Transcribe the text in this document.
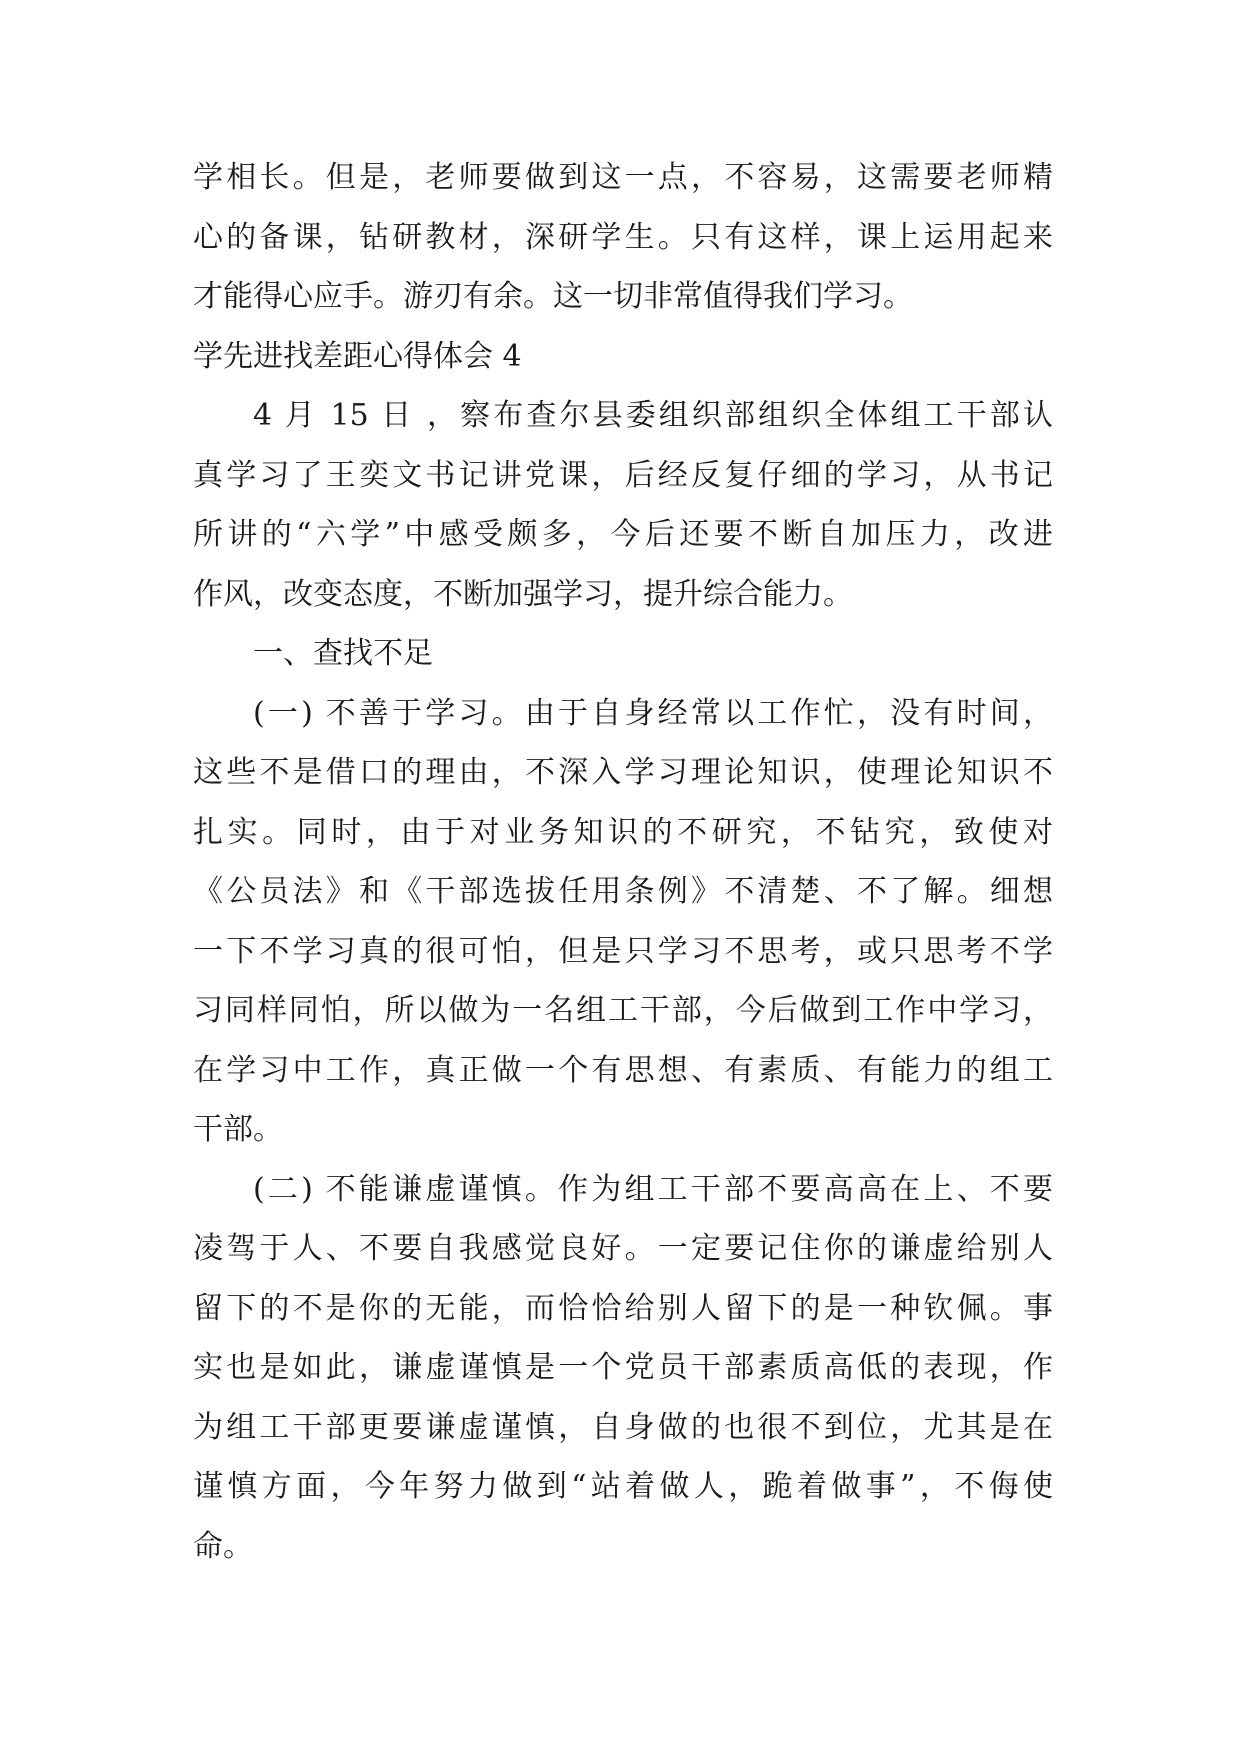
学相长。但是，老师要做到这一点，不容易，这需要老师精
心的备课，钻研教材，深研学生。只有这样，课上运用起来
才能得心应手。游刃有余。这一切非常值得我们学习。
学先进找差距心得体会 4
4 月 15 日 ，察布查尔县委组织部组织全体组工干部认
真学习了王奕文书记讲党课，后经反复仔细的学习，从书记
所讲的“六学”中感受颇多，今后还要不断自加压力，改进
作风，改变态度，不断加强学习，提升综合能力。
一、查找不足
(一) 不善于学习。由于自身经常以工作忙，没有时间，
这些不是借口的理由，不深入学习理论知识，使理论知识不
扎实。同时，由于对业务知识的不研究，不钻究，致使对
《公员法》和《干部选拔任用条例》不清楚、不了解。细想
一下不学习真的很可怕，但是只学习不思考，或只思考不学
习同样同怕，所以做为一名组工干部，今后做到工作中学习，
在学习中工作，真正做一个有思想、有素质、有能力的组工
干部。
(二) 不能谦虚谨慎。作为组工干部不要高高在上、不要
凌驾于人、不要自我感觉良好。一定要记住你的谦虚给别人
留下的不是你的无能，而恰恰给别人留下的是一种钦佩。事
实也是如此，谦虚谨慎是一个党员干部素质高低的表现，作
为组工干部更要谦虚谨慎，自身做的也很不到位，尤其是在
谨慎方面，今年努力做到“站着做人，跪着做事”，不侮使
命。
